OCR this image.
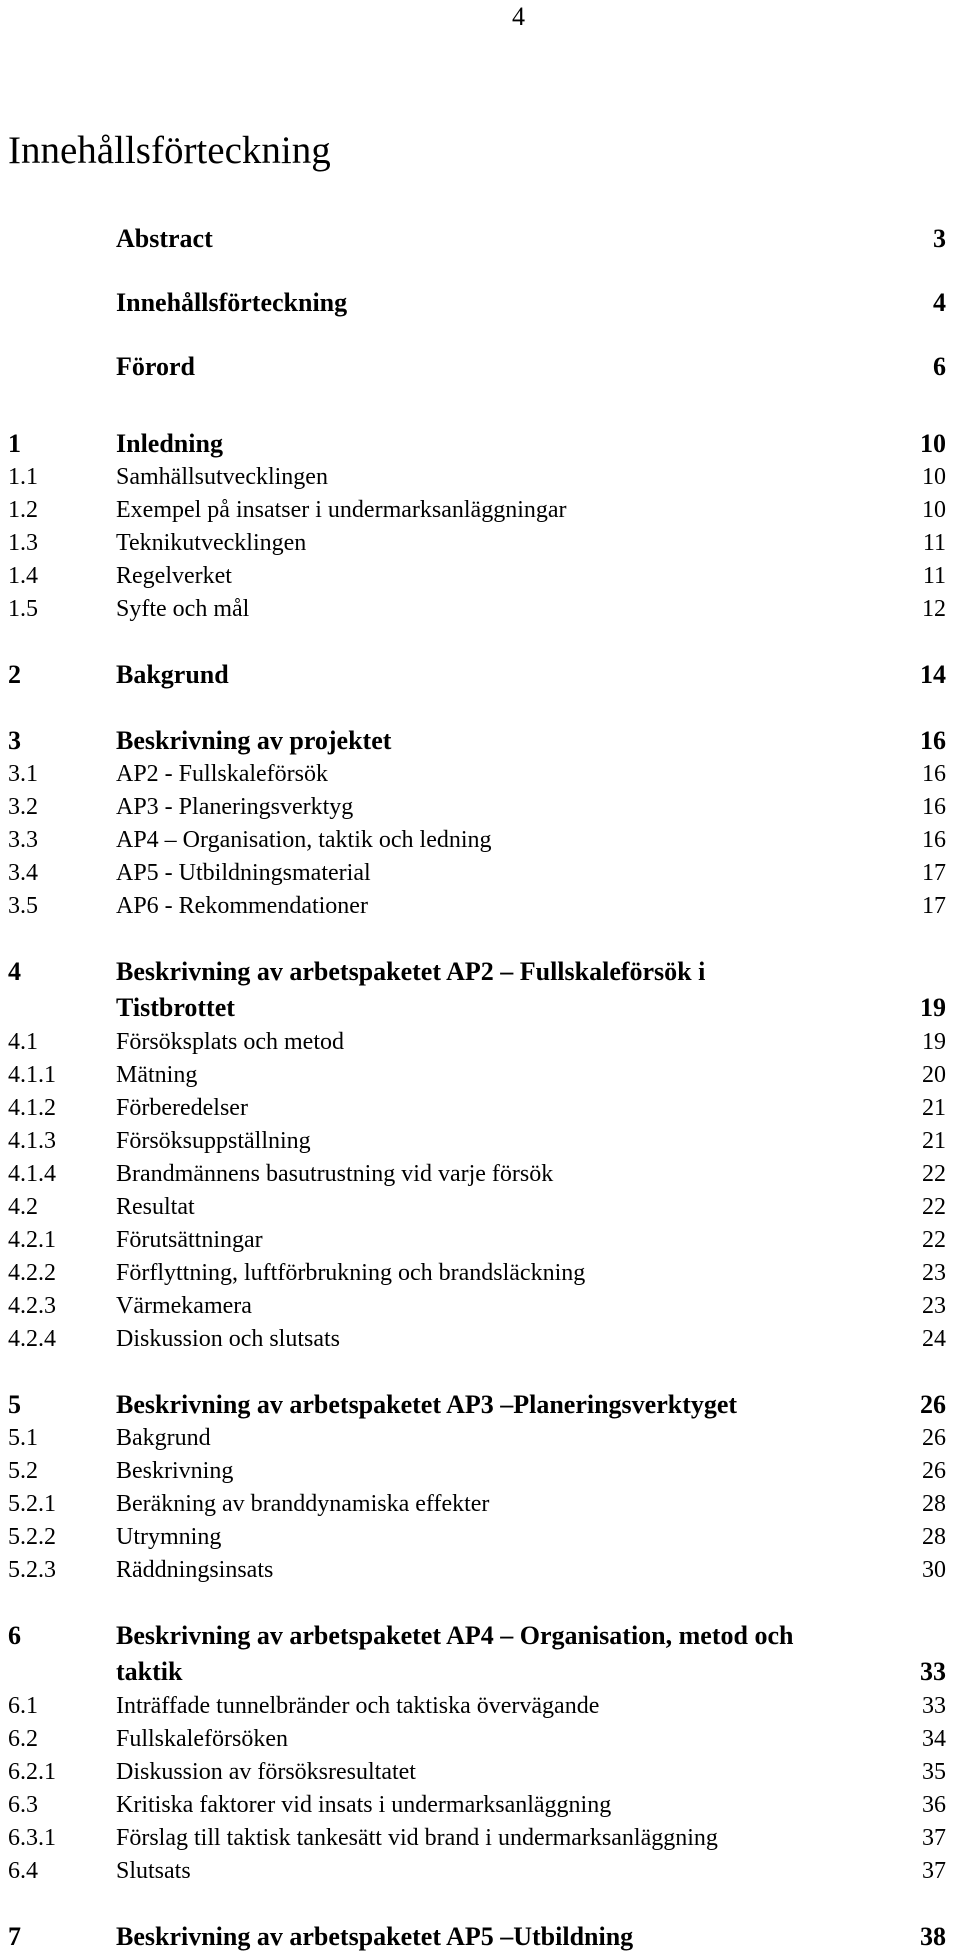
4
Innehållsförteckning
Abstract	3
Innehållsförteckning	4
Förord	6
1	Inledning	10
1.1	Samhällsutvecklingen	10
1.2	Exempel på insatser i undermarksanläggningar	10
1.3	Teknikutvecklingen	11
1.4	Regelverket	11
1.5	Syfte och mål	12
2	Bakgrund	14
3	Beskrivning av projektet	16
3.1	AP2 - Fullskaleförsök	16
3.2	AP3 - Planeringsverktyg	16
3.3	AP4 – Organisation, taktik och ledning	16
3.4	AP5 - Utbildningsmaterial	17
3.5	AP6 - Rekommendationer	17
4	Beskrivning av arbetspaketet AP2 – Fullskaleförsök i Tistbrottet	19
4.1	Försöksplats och metod	19
4.1.1	Mätning	20
4.1.2	Förberedelser	21
4.1.3	Försöksuppställning	21
4.1.4	Brandmännens basutrustning vid varje försök	22
4.2	Resultat	22
4.2.1	Förutsättningar	22
4.2.2	Förflyttning, luftförbrukning och brandsläckning	23
4.2.3	Värmekamera	23
4.2.4	Diskussion och slutsats	24
5	Beskrivning av arbetspaketet AP3 –Planeringsverktyget	26
5.1	Bakgrund	26
5.2	Beskrivning	26
5.2.1	Beräkning av branddynamiska effekter	28
5.2.2	Utrymning	28
5.2.3	Räddningsinsats	30
6	Beskrivning av arbetspaketet AP4 – Organisation, metod och taktik	33
6.1	Inträffade tunnelbränder och taktiska övervägande	33
6.2	Fullskaleförsöken	34
6.2.1	Diskussion av försöksresultatet	35
6.3	Kritiska faktorer vid insats i undermarksanläggning	36
6.3.1	Förslag till taktisk tankesätt vid brand i undermarksanläggning	37
6.4	Slutsats	37
7	Beskrivning av arbetspaketet AP5 –Utbildning	38
